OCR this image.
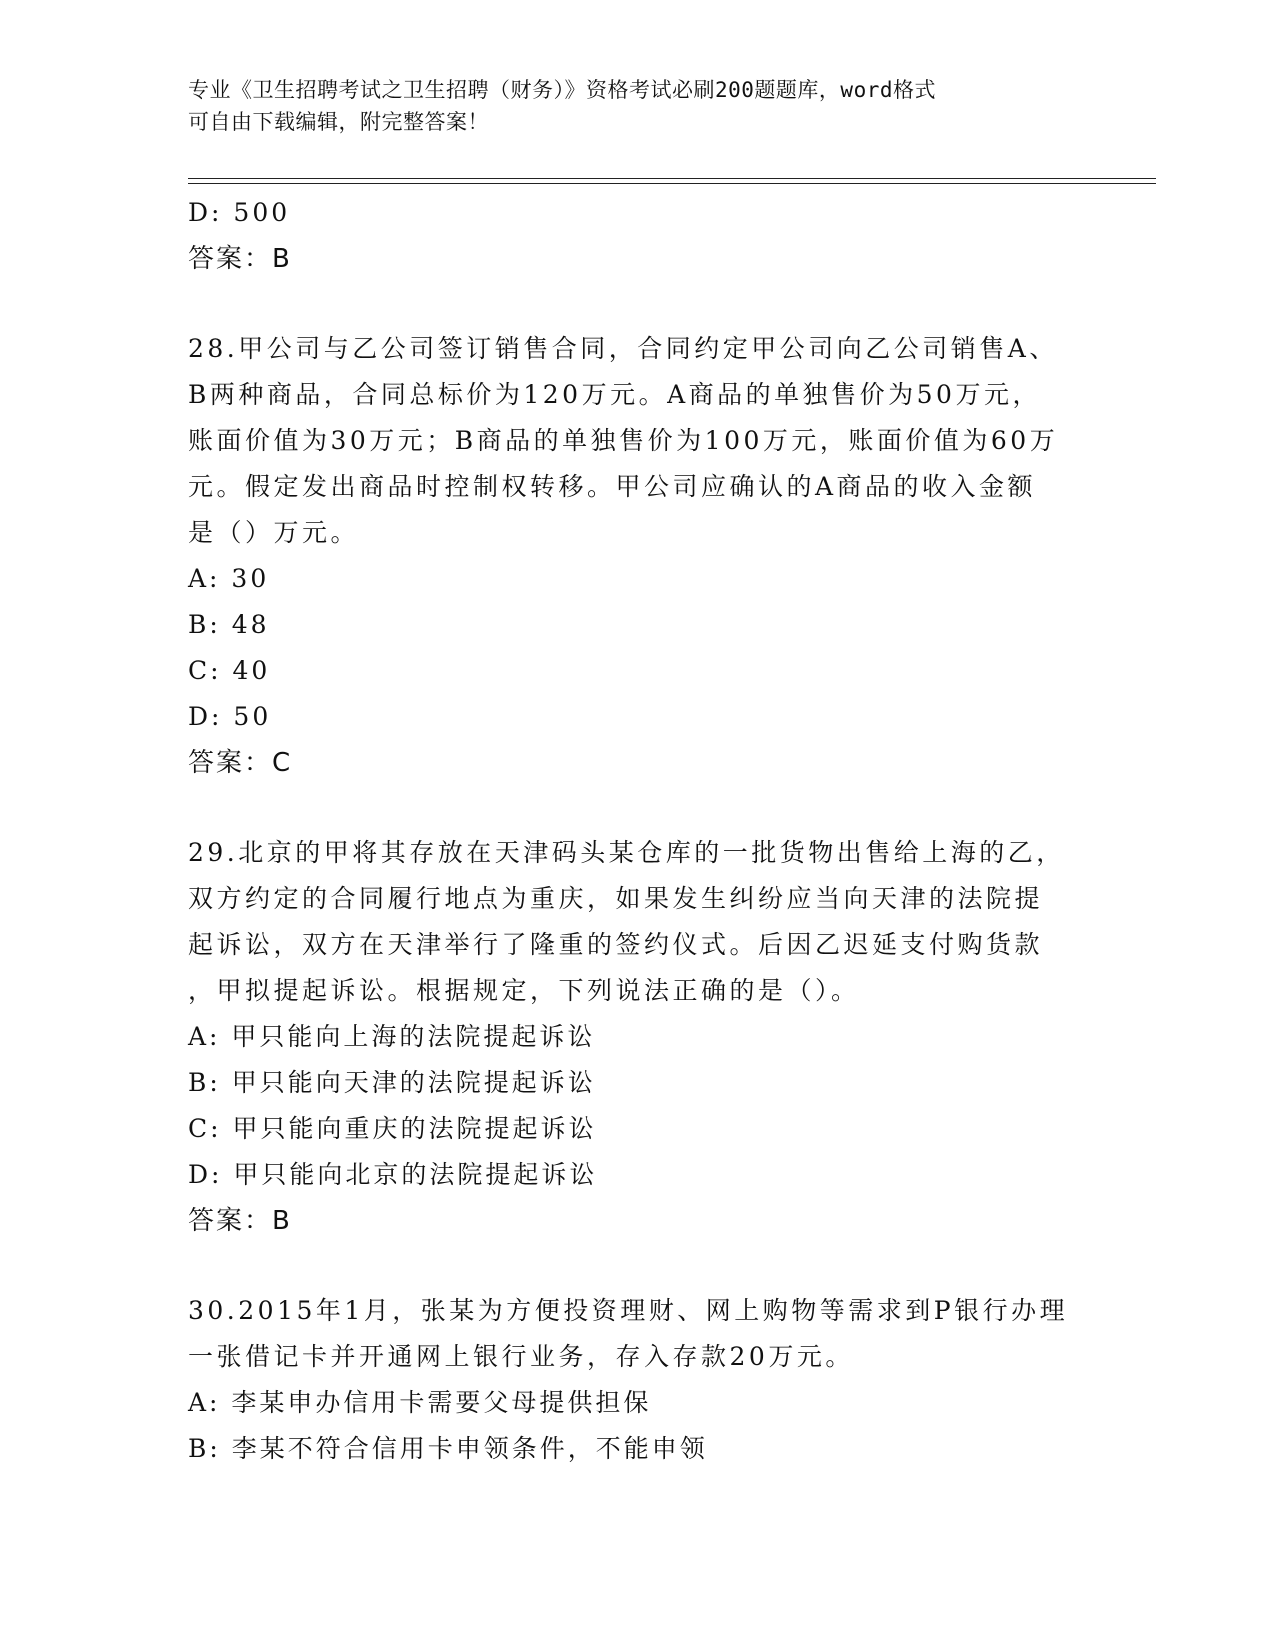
专业《卫生招聘考试之卫生招聘（财务）》资格考试必刷200题题库，word格式
可自由下载编辑，附完整答案！
D: 500
答案：B
28.甲公司与乙公司签订销售合同，合同约定甲公司向乙公司销售A、
B两种商品，合同总标价为120万元。A商品的单独售价为50万元，
账面价值为30万元；B商品的单独售价为100万元，账面价值为60万
元。假定发出商品时控制权转移。甲公司应确认的A商品的收入金额
是（）万元。
A: 30
B: 48
C: 40
D: 50
答案：C
29.北京的甲将其存放在天津码头某仓库的一批货物出售给上海的乙，
双方约定的合同履行地点为重庆，如果发生纠纷应当向天津的法院提
起诉讼，双方在天津举行了隆重的签约仪式。后因乙迟延支付购货款
，甲拟提起诉讼。根据规定，下列说法正确的是（）。
A: 甲只能向上海的法院提起诉讼
B: 甲只能向天津的法院提起诉讼
C: 甲只能向重庆的法院提起诉讼
D: 甲只能向北京的法院提起诉讼
答案：B
30.2015年1月，张某为方便投资理财、网上购物等需求到P银行办理
一张借记卡并开通网上银行业务，存入存款20万元。
A: 李某申办信用卡需要父母提供担保
B: 李某不符合信用卡申领条件，不能申领
